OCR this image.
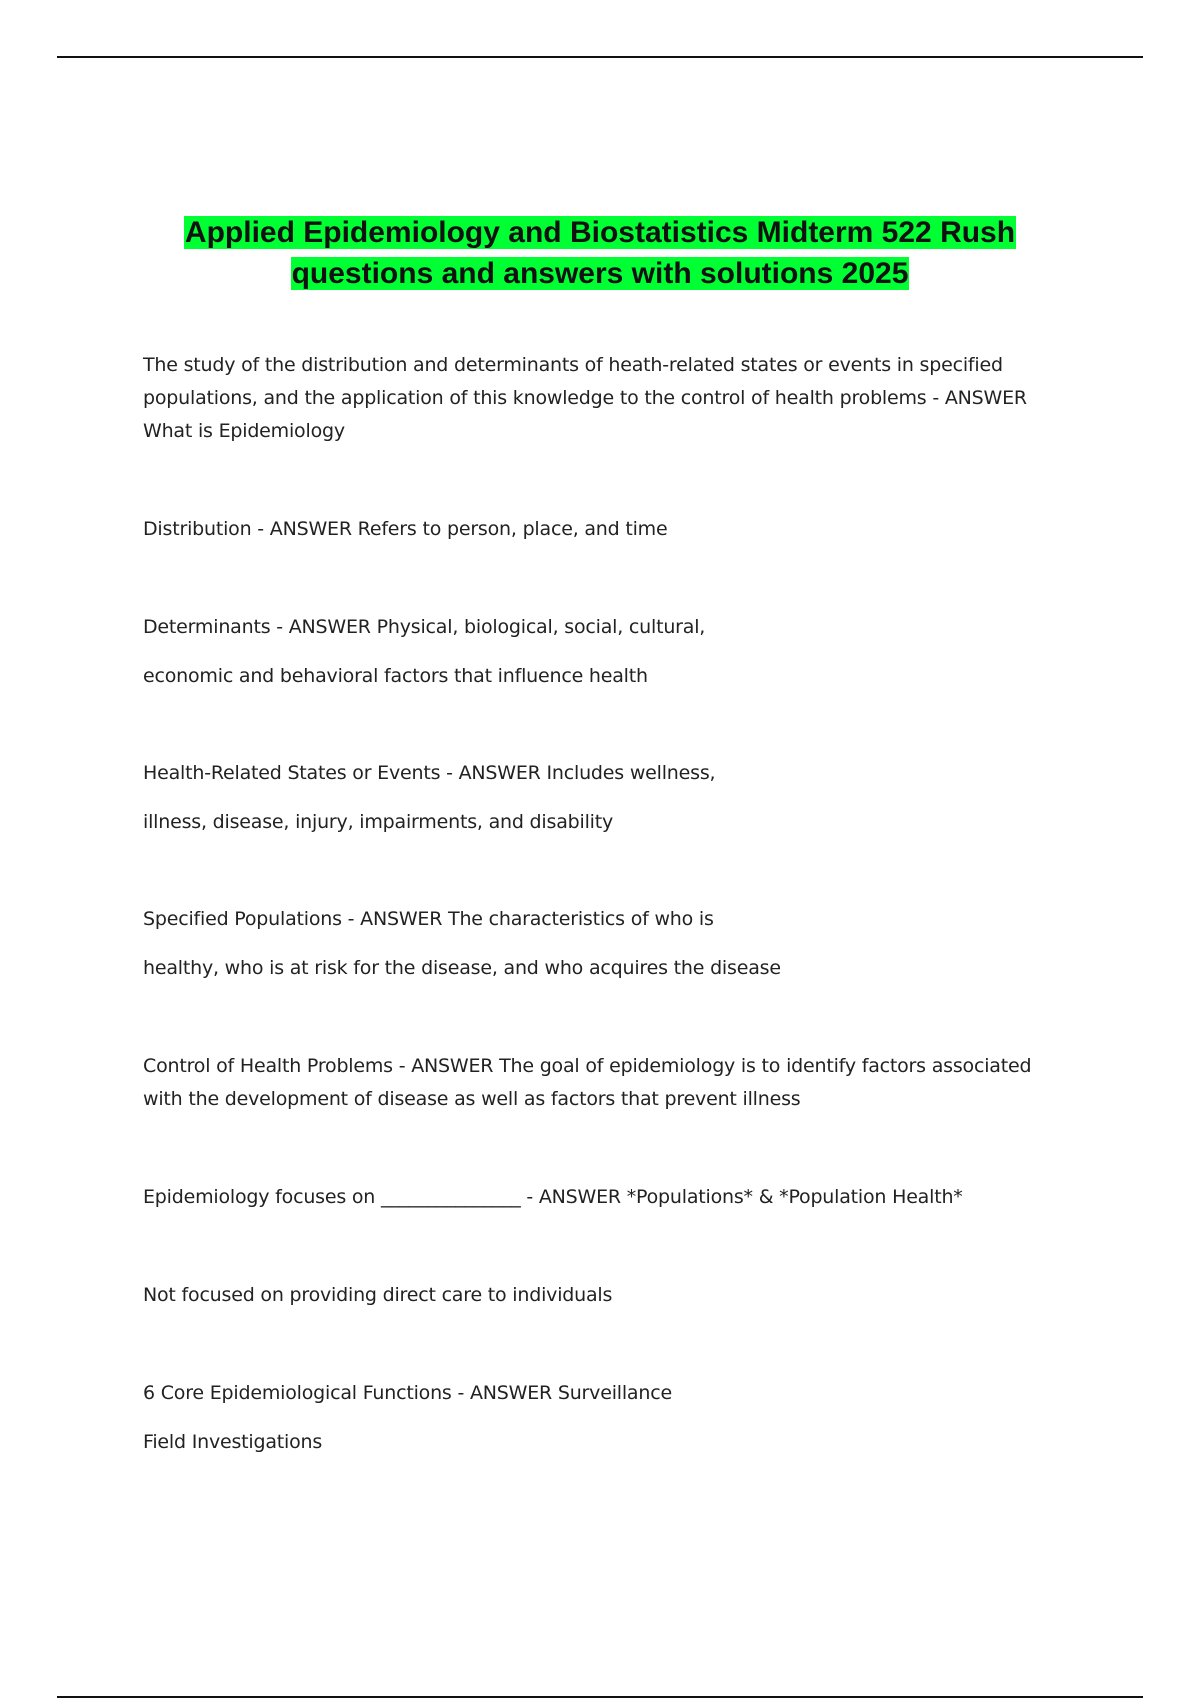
Applied Epidemiology and Biostatistics Midterm 522 Rush
questions and answers with solutions 2025
The study of the distribution and determinants of heath-related states or events in specified
populations, and the application of this knowledge to the control of health problems - ANSWER
What is Epidemiology
Distribution - ANSWER Refers to person, place, and time
Determinants - ANSWER Physical, biological, social, cultural,
economic and behavioral factors that influence health
Health-Related States or Events - ANSWER Includes wellness,
illness, disease, injury, impairments, and disability
Specified Populations - ANSWER The characteristics of who is
healthy, who is at risk for the disease, and who acquires the disease
Control of Health Problems - ANSWER The goal of epidemiology is to identify factors associated
with the development of disease as well as factors that prevent illness
Epidemiology focuses on _______________ - ANSWER *Populations* & *Population Health*
Not focused on providing direct care to individuals
6 Core Epidemiological Functions - ANSWER Surveillance
Field Investigations
